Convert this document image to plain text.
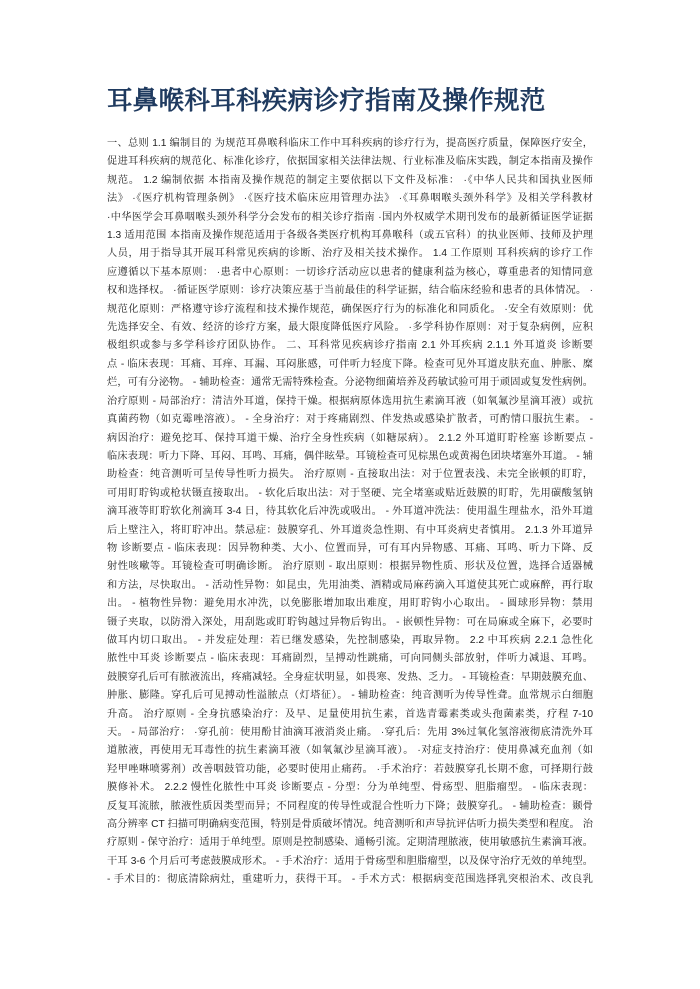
耳鼻喉科耳科疾病诊疗指南及操作规范
一、总则 1.1 编制目的 为规范耳鼻喉科临床工作中耳科疾病的诊疗行为，提高医疗质量，保障医疗安全，
促进耳科疾病的规范化、标准化诊疗，依据国家相关法律法规、行业标准及临床实践，制定本指南及操作
规范。 1.2 编制依据 本指南及操作规范的制定主要依据以下文件及标准： ·《中华人民共和国执业医师
法》 ·《医疗机构管理条例》 ·《医疗技术临床应用管理办法》 ·《耳鼻咽喉头颈外科学》及相关学科教材
·中华医学会耳鼻咽喉头颈外科学分会发布的相关诊疗指南 ·国内外权威学术期刊发布的最新循证医学证据
1.3 适用范围 本指南及操作规范适用于各级各类医疗机构耳鼻喉科（或五官科）的执业医师、技师及护理
人员，用于指导其开展耳科常见疾病的诊断、治疗及相关技术操作。 1.4 工作原则 耳科疾病的诊疗工作
应遵循以下基本原则： ·患者中心原则：一切诊疗活动应以患者的健康利益为核心，尊重患者的知情同意
权和选择权。 ·循证医学原则：诊疗决策应基于当前最佳的科学证据，结合临床经验和患者的具体情况。 ·
规范化原则：严格遵守诊疗流程和技术操作规范，确保医疗行为的标准化和同质化。 ·安全有效原则：优
先选择安全、有效、经济的诊疗方案，最大限度降低医疗风险。 ·多学科协作原则：对于复杂病例，应积
极组织或参与多学科诊疗团队协作。 二、耳科常见疾病诊疗指南 2.1 外耳疾病 2.1.1 外耳道炎 诊断要
点 - 临床表现：耳痛、耳痒、耳漏、耳闷胀感，可伴听力轻度下降。检查可见外耳道皮肤充血、肿胀、糜
烂，可有分泌物。 - 辅助检查：通常无需特殊检查。分泌物细菌培养及药敏试验可用于顽固或复发性病例。
治疗原则 - 局部治疗：清洁外耳道，保持干燥。根据病原体选用抗生素滴耳液（如氧氟沙星滴耳液）或抗
真菌药物（如克霉唑溶液）。 - 全身治疗：对于疼痛剧烈、伴发热或感染扩散者，可酌情口服抗生素。 -
病因治疗：避免挖耳、保持耳道干燥、治疗全身性疾病（如糖尿病）。 2.1.2 外耳道盯聍栓塞 诊断要点 -
临床表现：听力下降、耳闷、耳鸣、耳痛，偶伴眩晕。耳镜检查可见棕黑色或黄褐色团块堵塞外耳道。 - 辅
助检查：纯音测听可呈传导性听力损失。 治疗原则 - 直接取出法：对于位置表浅、未完全嵌顿的盯聍，
可用盯聍钩或枪状镊直接取出。 - 软化后取出法：对于坚硬、完全堵塞或贴近鼓膜的盯聍，先用碳酸氢钠
滴耳液等盯聍软化剂滴耳 3-4 日，待其软化后冲洗或吸出。 - 外耳道冲洗法：使用温生理盐水，沿外耳道
后上壁注入，将盯聍冲出。禁忌症：鼓膜穿孔、外耳道炎急性期、有中耳炎病史者慎用。 2.1.3 外耳道异
物 诊断要点 - 临床表现：因异物种类、大小、位置而异，可有耳内异物感、耳痛、耳鸣、听力下降、反
射性咳嗽等。耳镜检查可明确诊断。 治疗原则 - 取出原则：根据异物性质、形状及位置，选择合适器械
和方法，尽快取出。 - 活动性异物：如昆虫，先用油类、酒精或局麻药滴入耳道使其死亡或麻醉，再行取
出。 - 植物性异物：避免用水冲洗，以免膨胀增加取出难度，用盯聍钩小心取出。 - 圆球形异物：禁用
镊子夹取，以防滑入深处，用刮匙或盯聍钩越过异物后钩出。 - 嵌顿性异物：可在局麻或全麻下，必要时
做耳内切口取出。 - 并发症处理：若已继发感染，先控制感染，再取异物。 2.2 中耳疾病 2.2.1 急性化
脓性中耳炎 诊断要点 - 临床表现：耳痛剧烈，呈搏动性跳痛，可向同侧头部放射，伴听力减退、耳鸣。
鼓膜穿孔后可有脓液流出，疼痛减轻。全身症状明显，如畏寒、发热、乏力。 - 耳镜检查：早期鼓膜充血、
肿胀、膨隆。穿孔后可见搏动性溢脓点（灯塔征）。 - 辅助检查：纯音测听为传导性聋。血常规示白细胞
升高。 治疗原则 - 全身抗感染治疗：及早、足量使用抗生素，首选青霉素类或头孢菌素类，疗程 7-10
天。 - 局部治疗： ·穿孔前：使用酚甘油滴耳液消炎止痛。 ·穿孔后：先用 3%过氧化氢溶液彻底清洗外耳
道脓液，再使用无耳毒性的抗生素滴耳液（如氧氟沙星滴耳液）。 ·对症支持治疗：使用鼻减充血剂（如
羟甲唑啉喷雾剂）改善咽鼓管功能，必要时使用止痛药。 ·手术治疗：若鼓膜穿孔长期不愈，可择期行鼓
膜修补术。 2.2.2 慢性化脓性中耳炎 诊断要点 - 分型：分为单纯型、骨疡型、胆脂瘤型。 - 临床表现：
反复耳流脓，脓液性质因类型而异；不同程度的传导性或混合性听力下降；鼓膜穿孔。 - 辅助检查：颞骨
高分辨率 CT 扫描可明确病变范围，特别是骨质破坏情况。纯音测听和声导抗评估听力损失类型和程度。 治
疗原则 - 保守治疗：适用于单纯型。原则是控制感染、通畅引流。定期清理脓液，使用敏感抗生素滴耳液。
干耳 3-6 个月后可考虑鼓膜成形术。 - 手术治疗：适用于骨疡型和胆脂瘤型，以及保守治疗无效的单纯型。
- 手术目的：彻底清除病灶，重建听力，获得干耳。 - 手术方式：根据病变范围选择乳突根治术、改良乳
